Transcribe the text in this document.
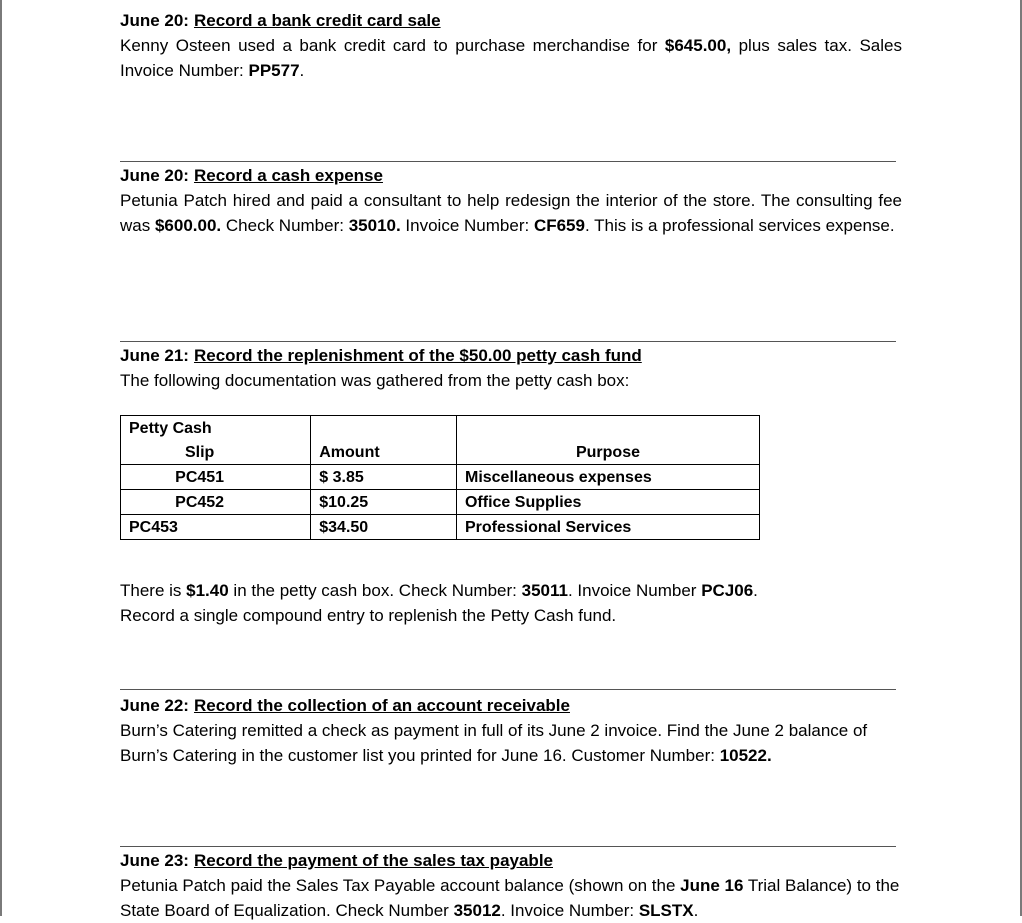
June 20: Record a bank credit card sale

Kenny Osteen used a bank credit card to purchase merchandise for $645.00, plus sales tax. Sales Invoice Number: PP577.

June 20: Record a cash expense

Petunia Patch hired and paid a consultant to help redesign the interior of the store. The consulting fee was $600.00. Check Number: 35010. Invoice Number: CF659. This is a professional services expense.

June 21: Record the replenishment of the $50.00 petty cash fund

The following documentation was gathered from the petty cash box:

Petty Cash		
Slip	Amount	Purpose
PC451	$ 3.85	Miscellaneous expenses
PC452	$10.25	Office Supplies
PC453	$34.50	Professional Services

There is $1.40 in the petty cash box. Check Number: 35011. Invoice Number PCJ06.

Record a single compound entry to replenish the Petty Cash fund.

June 22: Record the collection of an account receivable

Burn’s Catering remitted a check as payment in full of its June 2 invoice. Find the June 2 balance of Burn’s Catering in the customer list you printed for June 16. Customer Number: 10522.

June 23: Record the payment of the sales tax payable

Petunia Patch paid the Sales Tax Payable account balance (shown on the June 16 Trial Balance) to the State Board of Equalization. Check Number 35012. Invoice Number: SLSTX.
